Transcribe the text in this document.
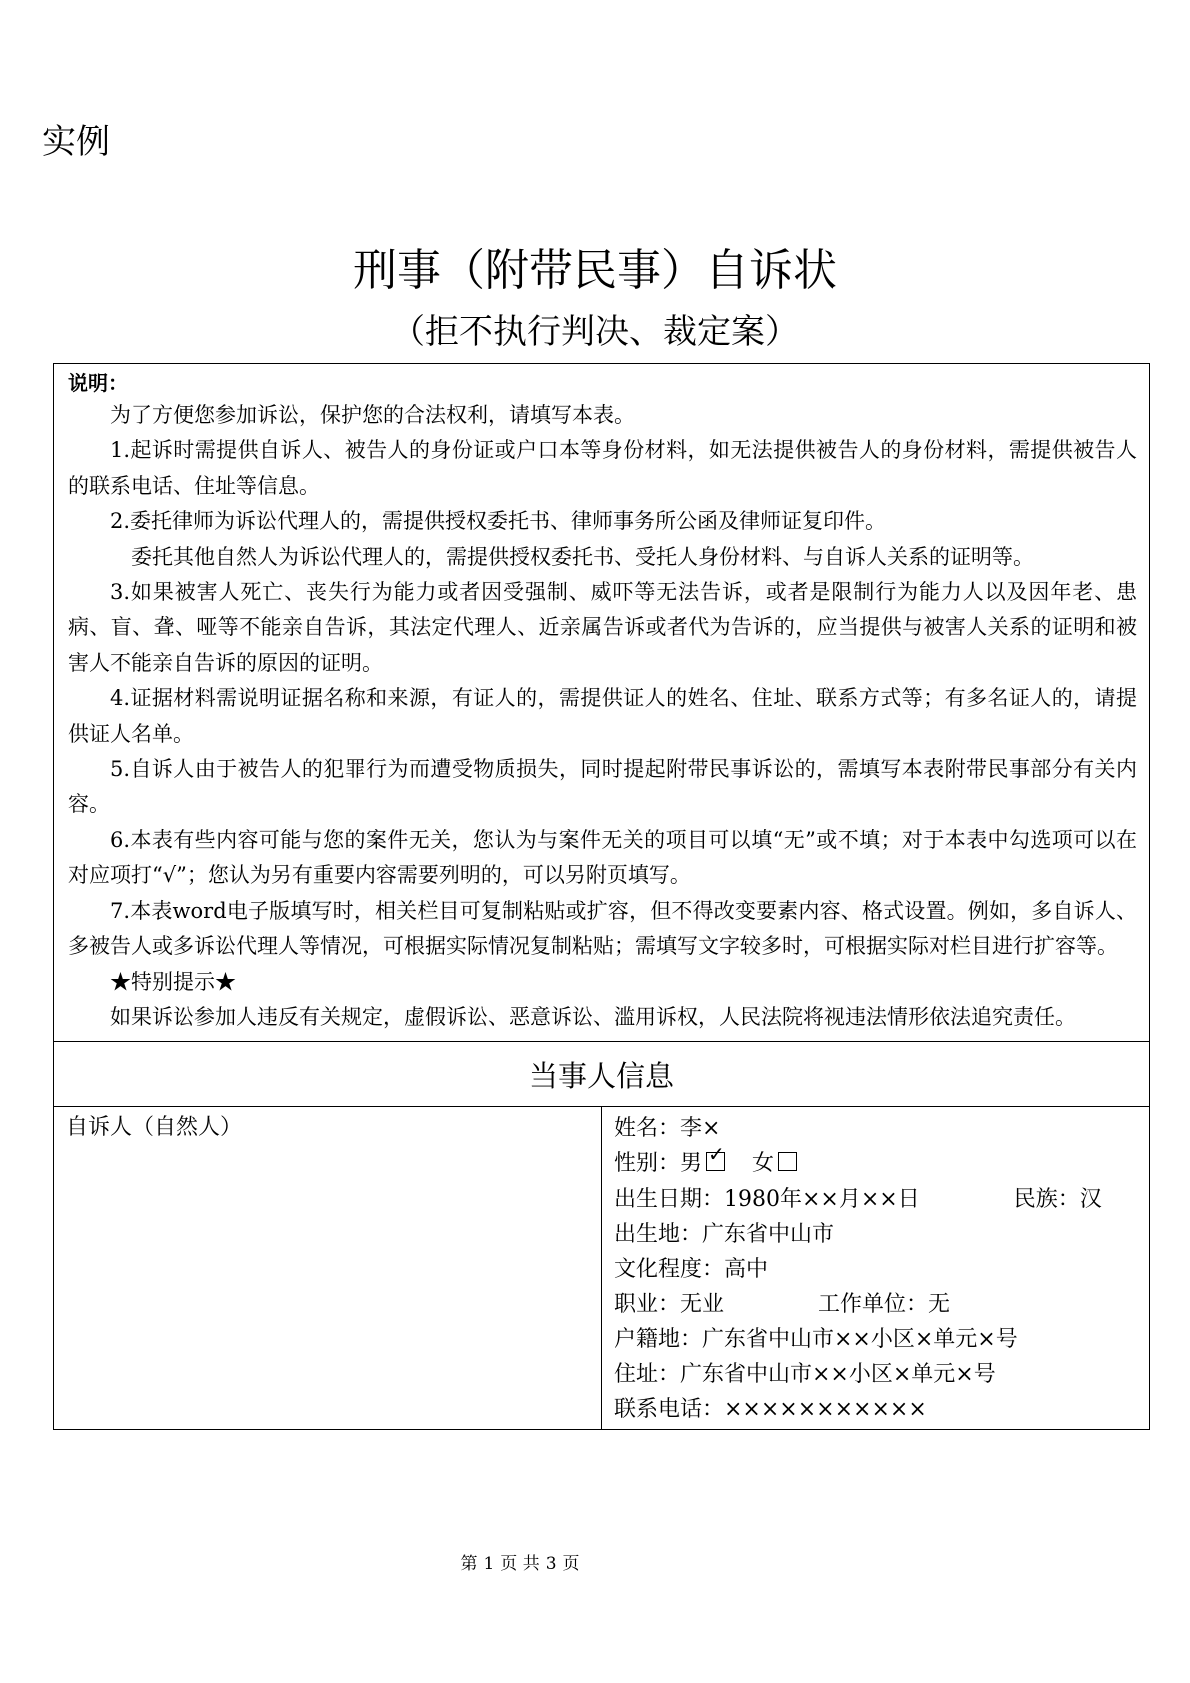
实例
刑事（附带民事）自诉状
（拒不执行判决、裁定案）
说明：

为了方便您参加诉讼，保护您的合法权利，请填写本表。

1.起诉时需提供自诉人、被告人的身份证或户口本等身份材料，如无法提供被告人的身份材料，需提供被告人的联系电话、住址等信息。

2.委托律师为诉讼代理人的，需提供授权委托书、律师事务所公函及律师证复印件。

委托其他自然人为诉讼代理人的，需提供授权委托书、受托人身份材料、与自诉人关系的证明等。

3.如果被害人死亡、丧失行为能力或者因受强制、威吓等无法告诉，或者是限制行为能力人以及因年老、患病、盲、聋、哑等不能亲自告诉，其法定代理人、近亲属告诉或者代为告诉的，应当提供与被害人关系的证明和被害人不能亲自告诉的原因的证明。

4.证据材料需说明证据名称和来源，有证人的，需提供证人的姓名、住址、联系方式等；有多名证人的，请提供证人名单。

5.自诉人由于被告人的犯罪行为而遭受物质损失，同时提起附带民事诉讼的，需填写本表附带民事部分有关内容。

6.本表有些内容可能与您的案件无关，您认为与案件无关的项目可以填“无”或不填；对于本表中勾选项可以在对应项打“√”；您认为另有重要内容需要列明的，可以另附页填写。

7.本表word电子版填写时，相关栏目可复制粘贴或扩容，但不得改变要素内容、格式设置。例如，多自诉人、多被告人或多诉讼代理人等情况，可根据实际情况复制粘贴；需填写文字较多时，可根据实际对栏目进行扩容等。

★特别提示★

如果诉讼参加人违反有关规定，虚假诉讼、恶意诉讼、滥用诉权，人民法院将视违法情形依法追究责任。

当事人信息
自诉人（自然人）	姓名：李×
性别：男 ✓ 女
出生日期：1980年××月××日	民族：汉
出生地：广东省中山市
文化程度：高中
职业：无业	工作单位：无
户籍地：广东省中山市××小区×单元×号
住址：广东省中山市××小区×单元×号
联系电话：×××××××××××
第 1 页 共 3 页
